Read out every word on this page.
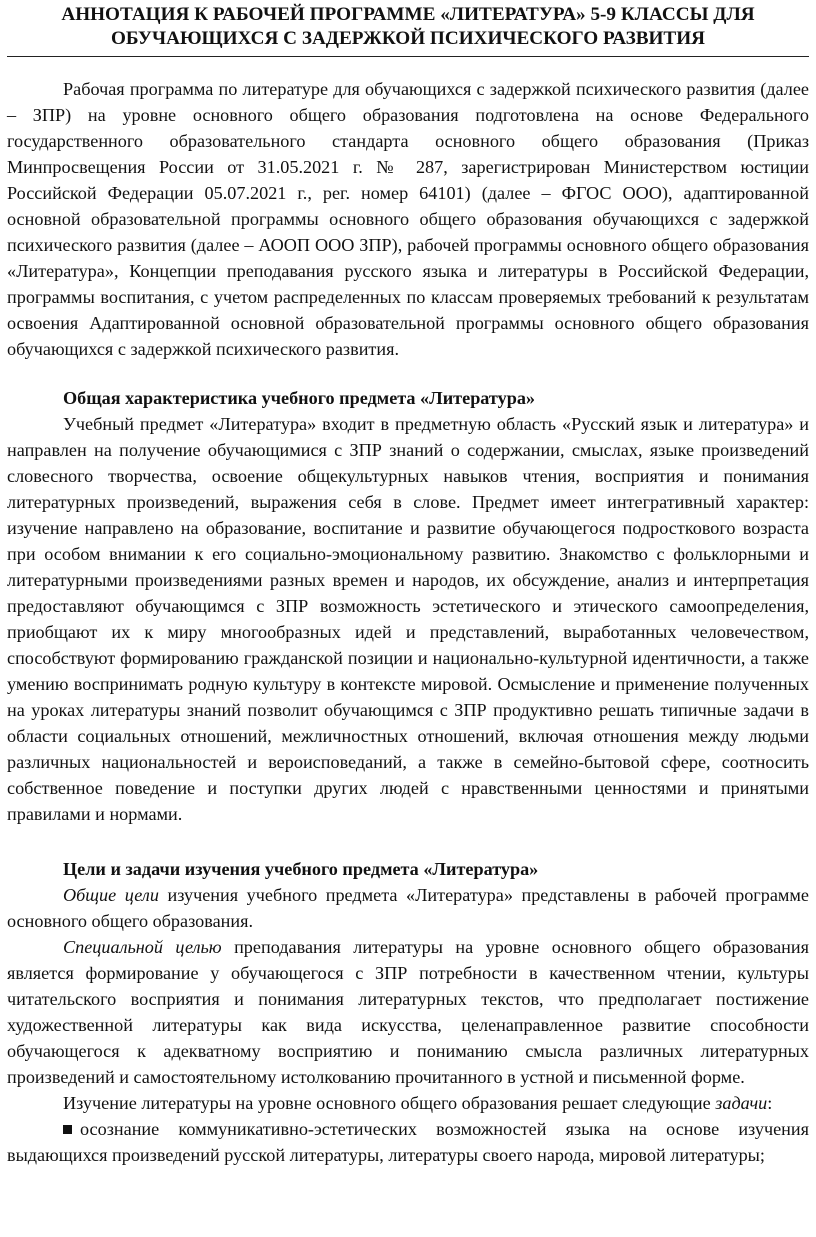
АННОТАЦИЯ К РАБОЧЕЙ ПРОГРАММЕ «ЛИТЕРАТУРА» 5-9 КЛАССЫ ДЛЯ
ОБУЧАЮЩИХСЯ С ЗАДЕРЖКОЙ ПСИХИЧЕСКОГО РАЗВИТИЯ

Рабочая программа по литературе для обучающихся с задержкой психического развития (далее – ЗПР) на уровне основного общего образования подготовлена на основе Федерального государственного образовательного стандарта основного общего образования (Приказ Минпросвещения России от 31.05.2021 г. № 287, зарегистрирован Министерством юстиции Российской Федерации 05.07.2021 г., рег. номер 64101) (далее – ФГОС ООО), адаптированной основной образовательной программы основного общего образования обучающихся с задержкой психического развития (далее – АООП ООО ЗПР), рабочей программы основного общего образования «Литература», Концепции преподавания русского языка и литературы в Российской Федерации, программы воспитания, с учетом распределенных по классам проверяемых требований к результатам освоения Адаптированной основной образовательной программы основного общего образования обучающихся с задержкой психического развития.

Общая характеристика учебного предмета «Литература»

Учебный предмет «Литература» входит в предметную область «Русский язык и литература» и направлен на получение обучающимися с ЗПР знаний о содержании, смыслах, языке произведений словесного творчества, освоение общекультурных навыков чтения, восприятия и понимания литературных произведений, выражения себя в слове. Предмет имеет интегративный характер: изучение направлено на образование, воспитание и развитие обучающегося подросткового возраста при особом внимании к его социально-эмоциональному развитию. Знакомство с фольклорными и литературными произведениями разных времен и народов, их обсуждение, анализ и интерпретация предоставляют обучающимся с ЗПР возможность эстетического и этического самоопределения, приобщают их к миру многообразных идей и представлений, выработанных человечеством, способствуют формированию гражданской позиции и национально-культурной идентичности, а также умению воспринимать родную культуру в контексте мировой. Осмысление и применение полученных на уроках литературы знаний позволит обучающимся с ЗПР продуктивно решать типичные задачи в области социальных отношений, межличностных отношений, включая отношения между людьми различных национальностей и вероисповеданий, а также в семейно-бытовой сфере, соотносить собственное поведение и поступки других людей с нравственными ценностями и принятыми правилами и нормами.

Цели и задачи изучения учебного предмета «Литература»

Общие цели изучения учебного предмета «Литература» представлены в рабочей программе основного общего образования.

Специальной целью преподавания литературы на уровне основного общего образования является формирование у обучающегося с ЗПР потребности в качественном чтении, культуры читательского восприятия и понимания литературных текстов, что предполагает постижение художественной литературы как вида искусства, целенаправленное развитие способности обучающегося к адекватному восприятию и пониманию смысла различных литературных произведений и самостоятельному истолкованию прочитанного в устной и письменной форме.

Изучение литературы на уровне основного общего образования решает следующие задачи:

осознание коммуникативно-эстетических возможностей языка на основе изучения выдающихся произведений русской литературы, литературы своего народа, мировой литературы;
